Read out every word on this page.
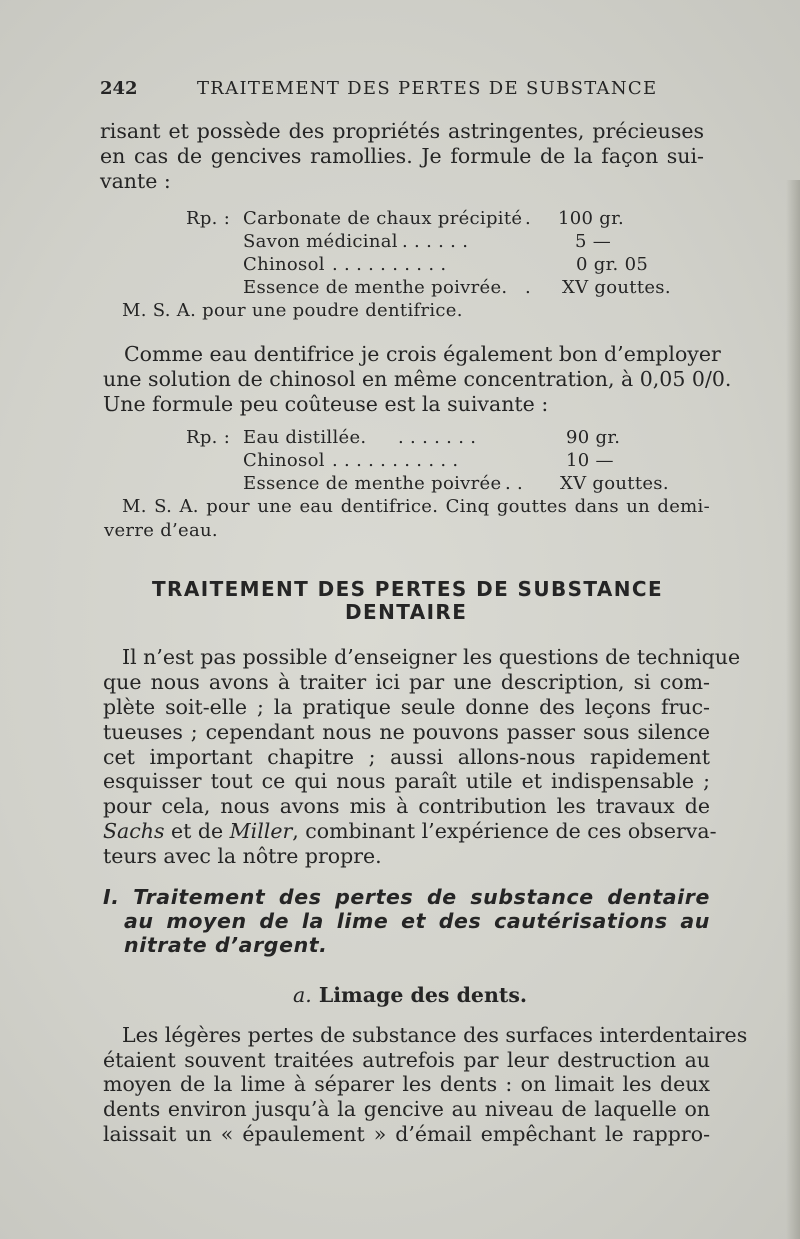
242	TRAITEMENT DES PERTES DE SUBSTANCE
risant et possède des propriétés astringentes, précieuses
en cas de gencives ramollies. Je formule de la façon sui-
vante :
Rp. : Carbonate de chaux précipité . 100 gr.
Savon médicinal . . . . . .	5 —
Chinosol . . . . . . . . . .	0 gr. 05
Essence de menthe poivrée. . XV gouttes.
M. S. A. pour une poudre dentifrice.
Comme eau dentifrice je crois également bon d’employer
une solution de chinosol en même concentration, à 0,05 0/0.
Une formule peu coûteuse est la suivante :
Rp. : Eau distillée. . . . . . . .	90 gr.
Chinosol . . . . . . . . . . .	10 —
Essence de menthe poivrée . . XV gouttes.
M. S. A. pour une eau dentifrice. Cinq gouttes dans un demi-
verre d’eau.
TRAITEMENT DES PERTES DE SUBSTANCE
DENTAIRE
Il n’est pas possible d’enseigner les questions de technique
que nous avons à traiter ici par une description, si com-
plète soit-elle ; la pratique seule donne des leçons fruc-
tueuses ; cependant nous ne pouvons passer sous silence
cet important chapitre ; aussi allons-nous rapidement
esquisser tout ce qui nous paraît utile et indispensable ;
pour cela, nous avons mis à contribution les travaux de
Sachs et de Miller, combinant l’expérience de ces observa-
teurs avec la nôtre propre.
I. Traitement des pertes de substance dentaire
au moyen de la lime et des cautérisations au
nitrate d’argent.
a. Limage des dents.
Les légères pertes de substance des surfaces interdentaires
étaient souvent traitées autrefois par leur destruction au
moyen de la lime à séparer les dents : on limait les deux
dents environ jusqu’à la gencive au niveau de laquelle on
laissait un « épaulement » d’émail empêchant le rappro-
